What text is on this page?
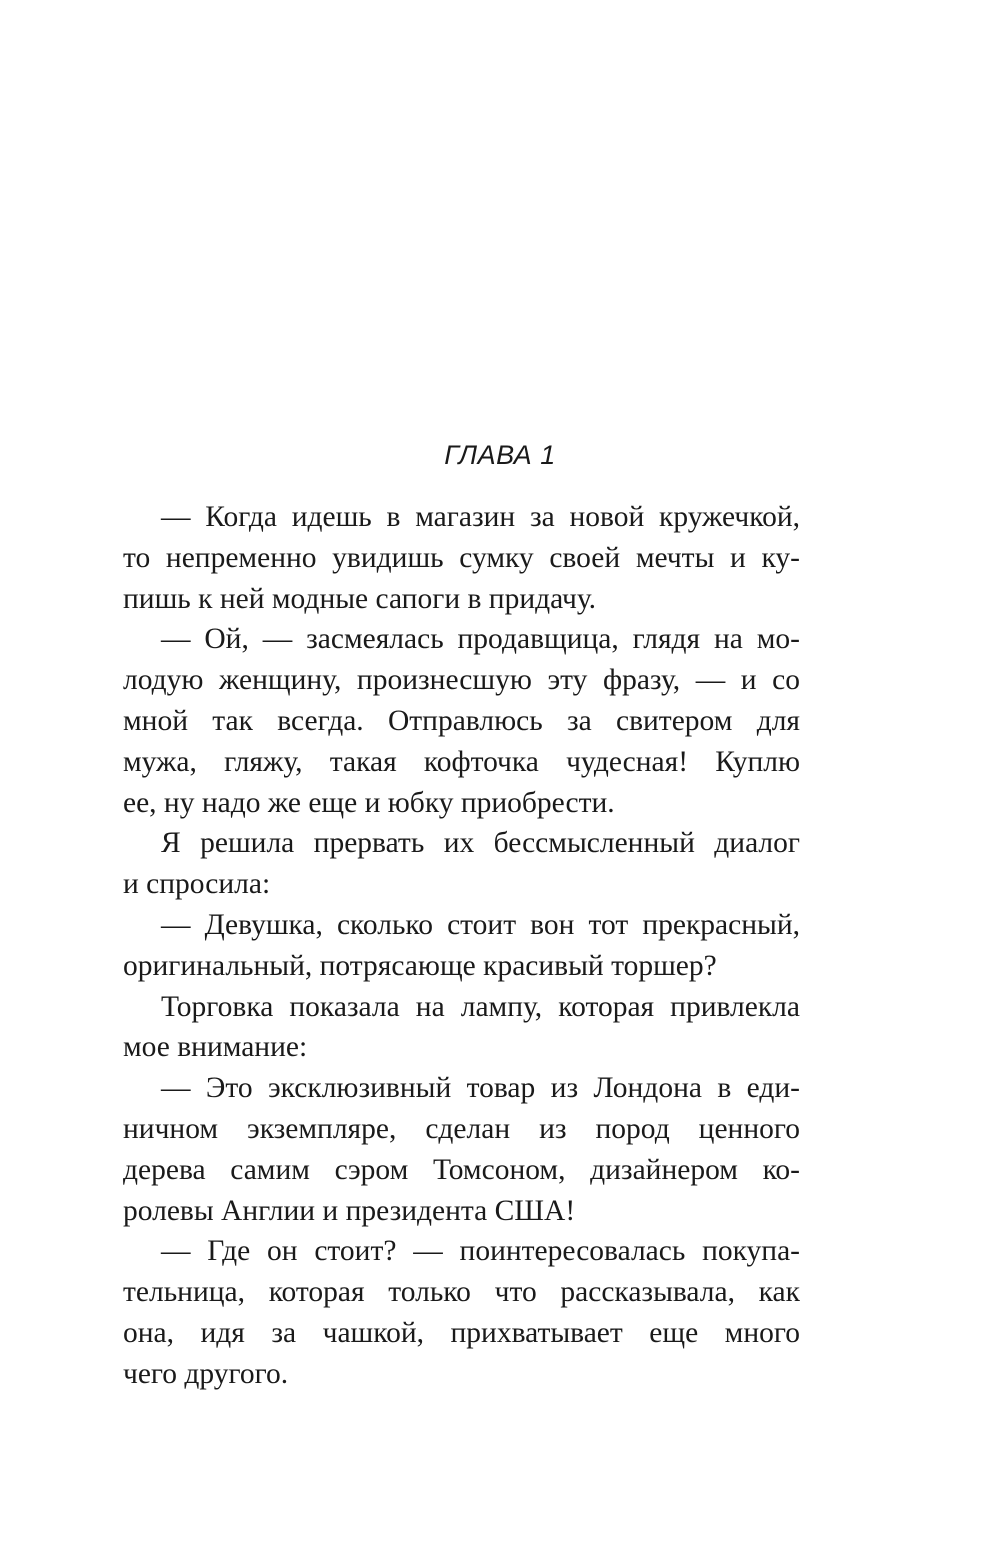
ГЛАВА 1
— Когда идешь в магазин за новой кружечкой,
то непременно увидишь сумку своей мечты и ку-
пишь к ней модные сапоги в придачу.
— Ой, — засмеялась продавщица, глядя на мо-
лодую женщину, произнесшую эту фразу, — и со
мной так всегда. Отправлюсь за свитером для
мужа, гляжу, такая кофточка чудесная! Куплю
ее, ну надо же еще и юбку приобрести.
Я решила прервать их бессмысленный диалог
и спросила:
— Девушка, сколько стоит вон тот прекрасный,
оригинальный, потрясающе красивый торшер?
Торговка показала на лампу, которая привлекла
мое внимание:
— Это эксклюзивный товар из Лондона в еди-
ничном экземпляре, сделан из пород ценного
дерева самим сэром Томсоном, дизайнером ко-
ролевы Англии и президента США!
— Где он стоит? — поинтересовалась покупа-
тельница, которая только что рассказывала, как
она, идя за чашкой, прихватывает еще много
чего другого.
